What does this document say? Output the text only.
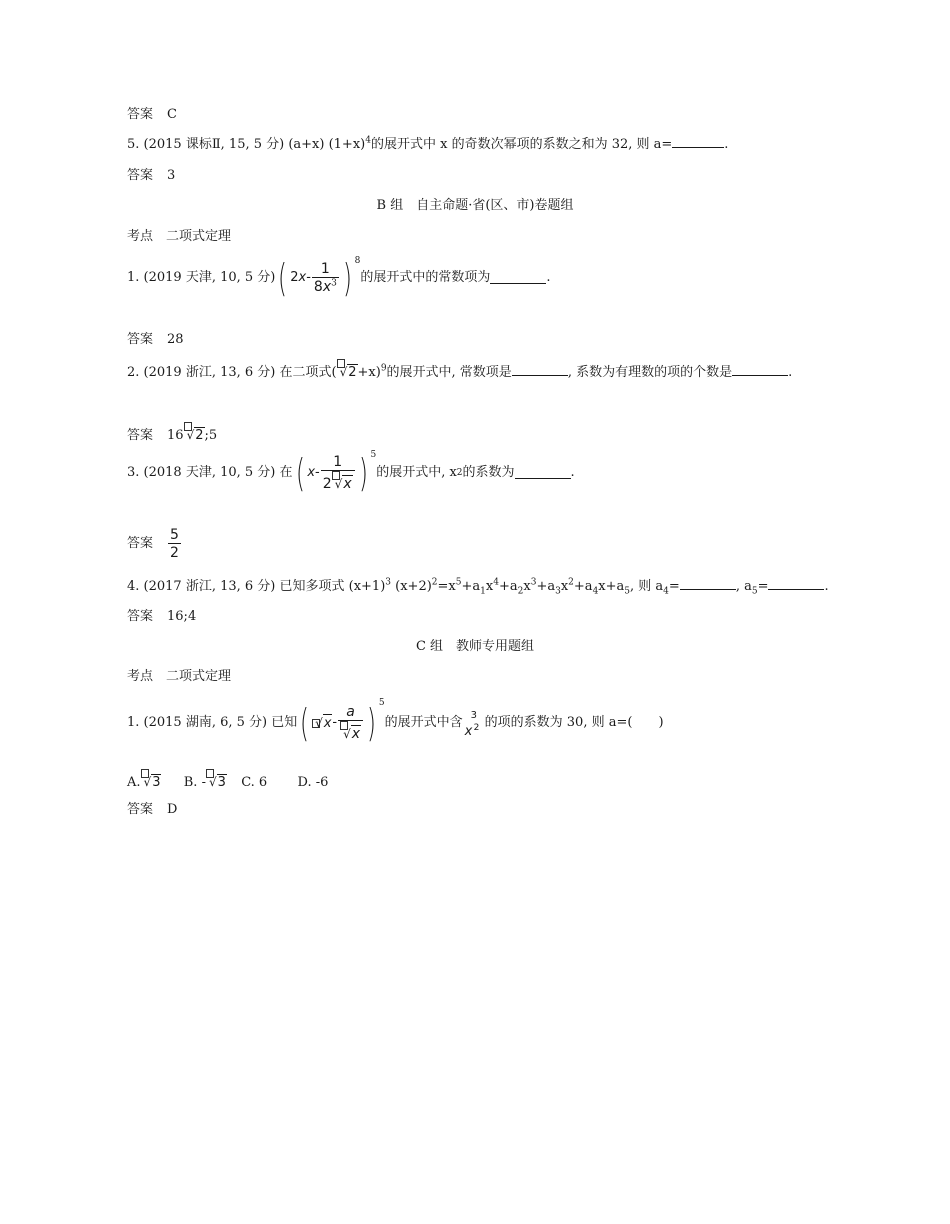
答案 C
5. (2015 课标Ⅱ, 15, 5 分) (a+x) $(1+x)^4$的展开式中 x 的奇数次幂项的系数之和为 32, 则 a=	.
答案 3
B 组　自主命题·省(区、市)卷题组
考点　二项式定理
1. (2019 天津, 10, 5 分) ( 2 x - $\frac{1}{8x^3}$ ) 8
的展开式中的常数项为	.
答案 28
2. (2019 浙江, 13, 6 分) 在二项式( √2+x)$^9$的展开式中, 常数项是	, 系数为有理数的项的个数是	.
答案 16 √2;5
3. (2018 天津, 10, 5 分) 在 ( x - $\frac{1}{2 √x}$ ) 5
的展开式中, x 2 的系数为	.
答案 $\frac{5}{2}$
4. (2017 浙江, 13, 6 分) 已知多项式 $(x+1)^3$ $(x+2)^2=x^5+a_1x^4+a_2x^3+a_3x^2+a_4x+a_5$, 则 $a_4=$	, $a_5=$	.
答案 16;4
C 组　教师专用题组
考点　二项式定理
1. (2015 湖南, 6, 5 分) 已知 ( √ x - $\frac{a}{√x}$ ) 5
的展开式中含 3
x 2 的项的系数为 30, 则 a=(　　)
A. √3 B. - √3 C. 6 D. -6
答案 D
